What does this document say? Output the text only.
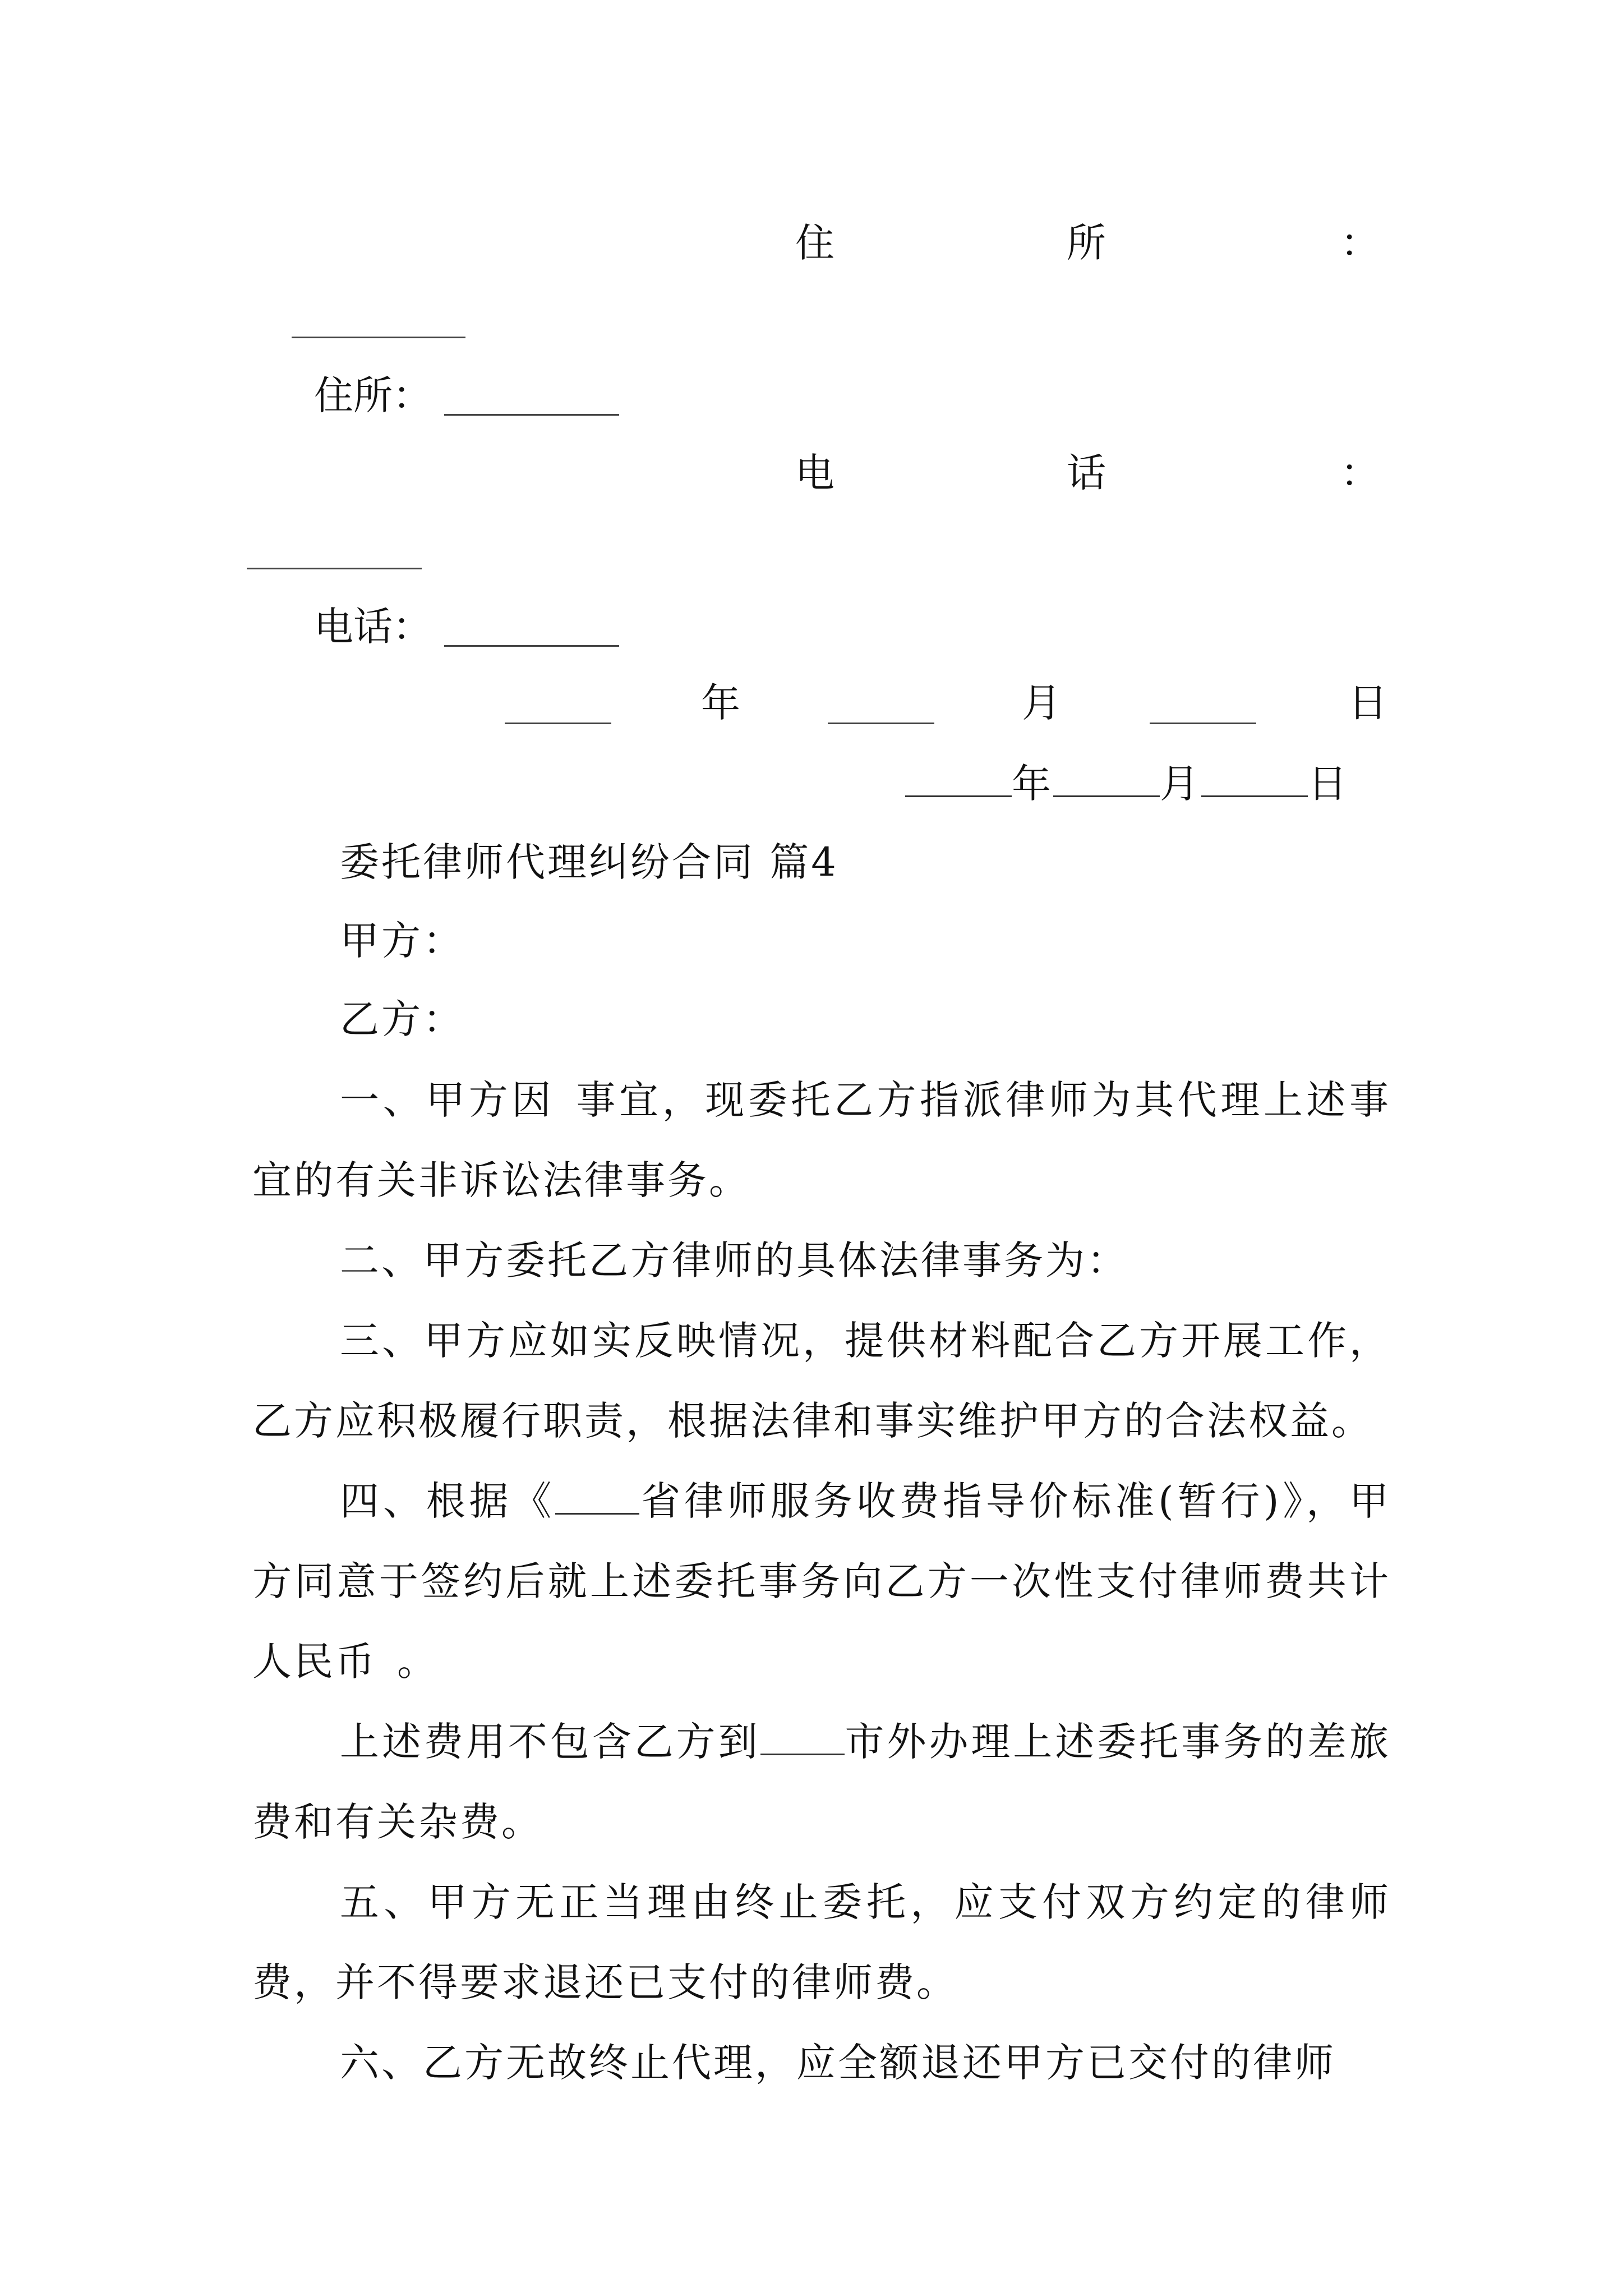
住	所	：
住所：
电	话	：
电话：
年	月	日
年	月	日
委托律师代理纠纷合同 篇4
甲方：
乙方：
一、甲方因 事宜，现委托乙方指派律师为其代理上述事宜的有关非诉讼法律事务。
二、甲方委托乙方律师的具体法律事务为：
三、甲方应如实反映情况，提供材料配合乙方开展工作，乙方应积极履行职责，根据法律和事实维护甲方的合法权益。
四、根据《 省律师服务收费指导价标准(暂行)》，甲方同意于签约后就上述委托事务向乙方一次性支付律师费共计人民币 。
上述费用不包含乙方到 市外办理上述委托事务的差旅费和有关杂费。
五、甲方无正当理由终止委托，应支付双方约定的律师费，并不得要求退还已支付的律师费。
六、乙方无故终止代理，应全额退还甲方已交付的律师
